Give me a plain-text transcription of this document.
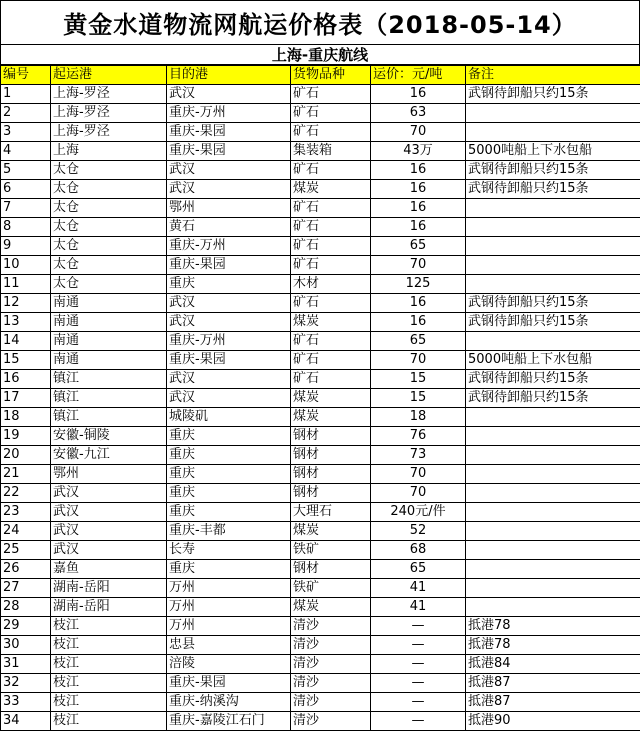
黄金水道物流网航运价格表（2018-05-14）
上海-重庆航线
编号	起运港	目的港	货物品种	运价：元/吨	备注
1	上海-罗泾	武汉	矿石	16	武钢待卸船只约15条
2	上海-罗泾	重庆-万州	矿石	63	
3	上海-罗泾	重庆-果园	矿石	70	
4	上海	重庆-果园	集装箱	43万	5000吨船上下水包船
5	太仓	武汉	矿石	16	武钢待卸船只约15条
6	太仓	武汉	煤炭	16	武钢待卸船只约15条
7	太仓	鄂州	矿石	16	
8	太仓	黄石	矿石	16	
9	太仓	重庆-万州	矿石	65	
10	太仓	重庆-果园	矿石	70	
11	太仓	重庆	木材	125	
12	南通	武汉	矿石	16	武钢待卸船只约15条
13	南通	武汉	煤炭	16	武钢待卸船只约15条
14	南通	重庆-万州	矿石	65	
15	南通	重庆-果园	矿石	70	5000吨船上下水包船
16	镇江	武汉	矿石	15	武钢待卸船只约15条
17	镇江	武汉	煤炭	15	武钢待卸船只约15条
18	镇江	城陵矶	煤炭	18	
19	安徽-铜陵	重庆	钢材	76	
20	安徽-九江	重庆	钢材	73	
21	鄂州	重庆	钢材	70	
22	武汉	重庆	钢材	70	
23	武汉	重庆	大理石	240元/件	
24	武汉	重庆-丰都	煤炭	52	
25	武汉	长寿	铁矿	68	
26	嘉鱼	重庆	钢材	65	
27	湖南-岳阳	万州	铁矿	41	
28	湖南-岳阳	万州	煤炭	41	
29	枝江	万州	清沙	—	抵港78
30	枝江	忠县	清沙	—	抵港78
31	枝江	涪陵	清沙	—	抵港84
32	枝江	重庆-果园	清沙	—	抵港87
33	枝江	重庆-纳溪沟	清沙	—	抵港87
34	枝江	重庆-嘉陵江石门	清沙	—	抵港90
